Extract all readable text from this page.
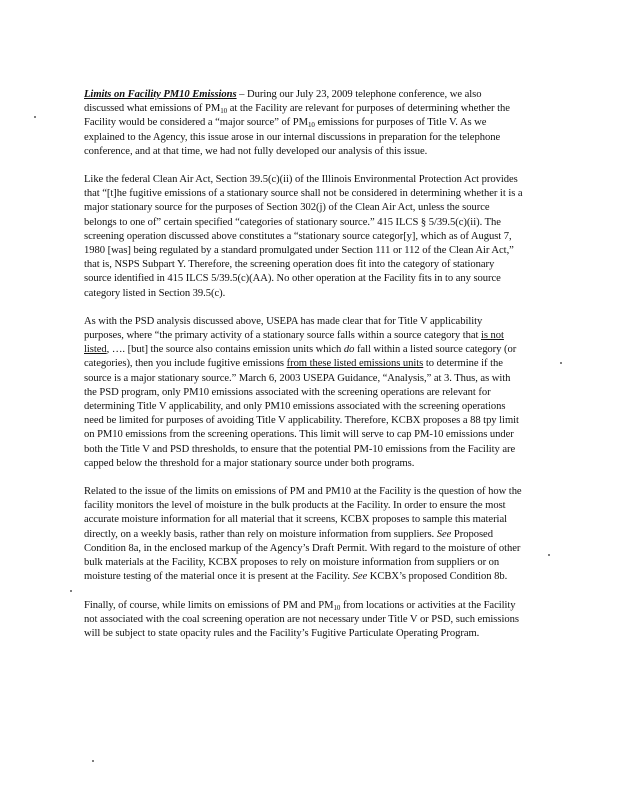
Limits on Facility PM10 Emissions – During our July 23, 2009 telephone conference, we also discussed what emissions of $PM_{10}$ at the Facility are relevant for purposes of determining whether the Facility would be considered a “major source” of $PM_{10}$ emissions for purposes of Title V. As we explained to the Agency, this issue arose in our internal discussions in preparation for the telephone conference, and at that time, we had not fully developed our analysis of this issue.

Like the federal Clean Air Act, Section 39.5(c)(ii) of the Illinois Environmental Protection Act provides that “[t]he fugitive emissions of a stationary source shall not be considered in determining whether it is a major stationary source for the purposes of Section 302(j) of the Clean Air Act, unless the source belongs to one of” certain specified “categories of stationary source.” 415 ILCS § 5/39.5(c)(ii). The screening operation discussed above constitutes a “stationary source categor[y], which as of August 7, 1980 [was] being regulated by a standard promulgated under Section 111 or 112 of the Clean Air Act,” that is, NSPS Subpart Y. Therefore, the screening operation does fit into the category of stationary source identified in 415 ILCS 5/39.5(c)(AA). No other operation at the Facility fits in to any source category listed in Section 39.5(c).

As with the PSD analysis discussed above, USEPA has made clear that for Title V applicability purposes, where “the primary activity of a stationary source falls within a source category that is not listed, …. [but] the source also contains emission units which do fall within a listed source category (or categories), then you include fugitive emissions from these listed emissions units to determine if the source is a major stationary source.” March 6, 2003 USEPA Guidance, “Analysis,” at 3. Thus, as with the PSD program, only PM10 emissions associated with the screening operations are relevant for determining Title V applicability, and only PM10 emissions associated with the screening operations need be limited for purposes of avoiding Title V applicability. Therefore, KCBX proposes a 88 tpy limit on PM10 emissions from the screening operations. This limit will serve to cap PM-10 emissions under both the Title V and PSD thresholds, to ensure that the potential PM-10 emissions from the Facility are capped below the threshold for a major stationary source under both programs.

Related to the issue of the limits on emissions of PM and PM10 at the Facility is the question of how the facility monitors the level of moisture in the bulk products at the Facility. In order to ensure the most accurate moisture information for all material that it screens, KCBX proposes to sample this material directly, on a weekly basis, rather than rely on moisture information from suppliers. See Proposed Condition 8a, in the enclosed markup of the Agency’s Draft Permit. With regard to the moisture of other bulk materials at the Facility, KCBX proposes to rely on moisture information from suppliers or on moisture testing of the material once it is present at the Facility. See KCBX’s proposed Condition 8b.

Finally, of course, while limits on emissions of PM and $PM_{10}$ from locations or activities at the Facility not associated with the coal screening operation are not necessary under Title V or PSD, such emissions will be subject to state opacity rules and the Facility’s Fugitive Particulate Operating Program.
